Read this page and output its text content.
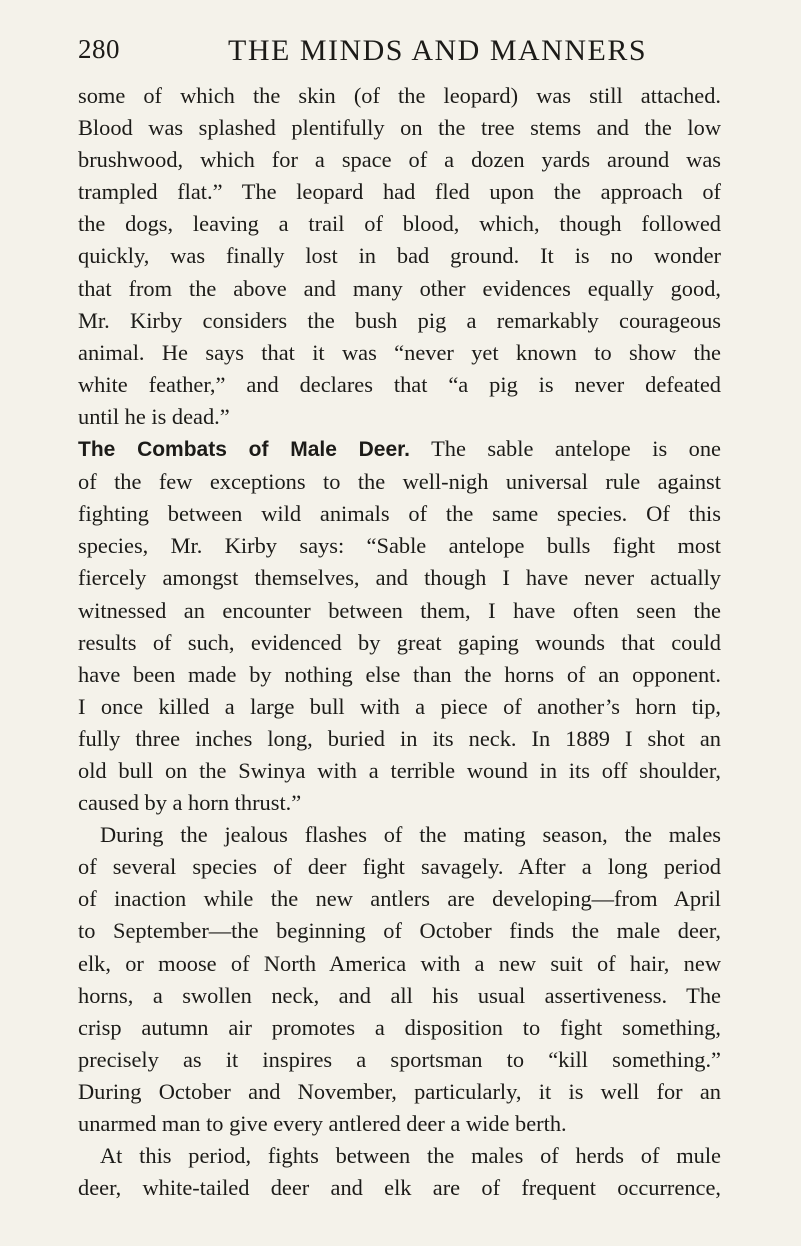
280	THE MINDS AND MANNERS
some of which the skin (of the leopard) was still attached.
Blood was splashed plentifully on the tree stems and the low
brushwood, which for a space of a dozen yards around was
trampled flat.” The leopard had fled upon the approach of
the dogs, leaving a trail of blood, which, though followed
quickly, was finally lost in bad ground. It is no wonder
that from the above and many other evidences equally good,
Mr. Kirby considers the bush pig a remarkably courageous
animal. He says that it was “never yet known to show the
white feather,” and declares that “a pig is never defeated
until he is dead.”
The Combats of Male Deer. The sable antelope is one
of the few exceptions to the well-nigh universal rule against
fighting between wild animals of the same species. Of this
species, Mr. Kirby says: “Sable antelope bulls fight most
fiercely amongst themselves, and though I have never actually
witnessed an encounter between them, I have often seen the
results of such, evidenced by great gaping wounds that could
have been made by nothing else than the horns of an opponent.
I once killed a large bull with a piece of another’s horn tip,
fully three inches long, buried in its neck. In 1889 I shot an
old bull on the Swinya with a terrible wound in its off shoulder,
caused by a horn thrust.”
During the jealous flashes of the mating season, the males
of several species of deer fight savagely. After a long period
of inaction while the new antlers are developing—from April
to September—the beginning of October finds the male deer,
elk, or moose of North America with a new suit of hair, new
horns, a swollen neck, and all his usual assertiveness. The
crisp autumn air promotes a disposition to fight something,
precisely as it inspires a sportsman to “kill something.”
During October and November, particularly, it is well for an
unarmed man to give every antlered deer a wide berth.
At this period, fights between the males of herds of mule
deer, white-tailed deer and elk are of frequent occurrence,
